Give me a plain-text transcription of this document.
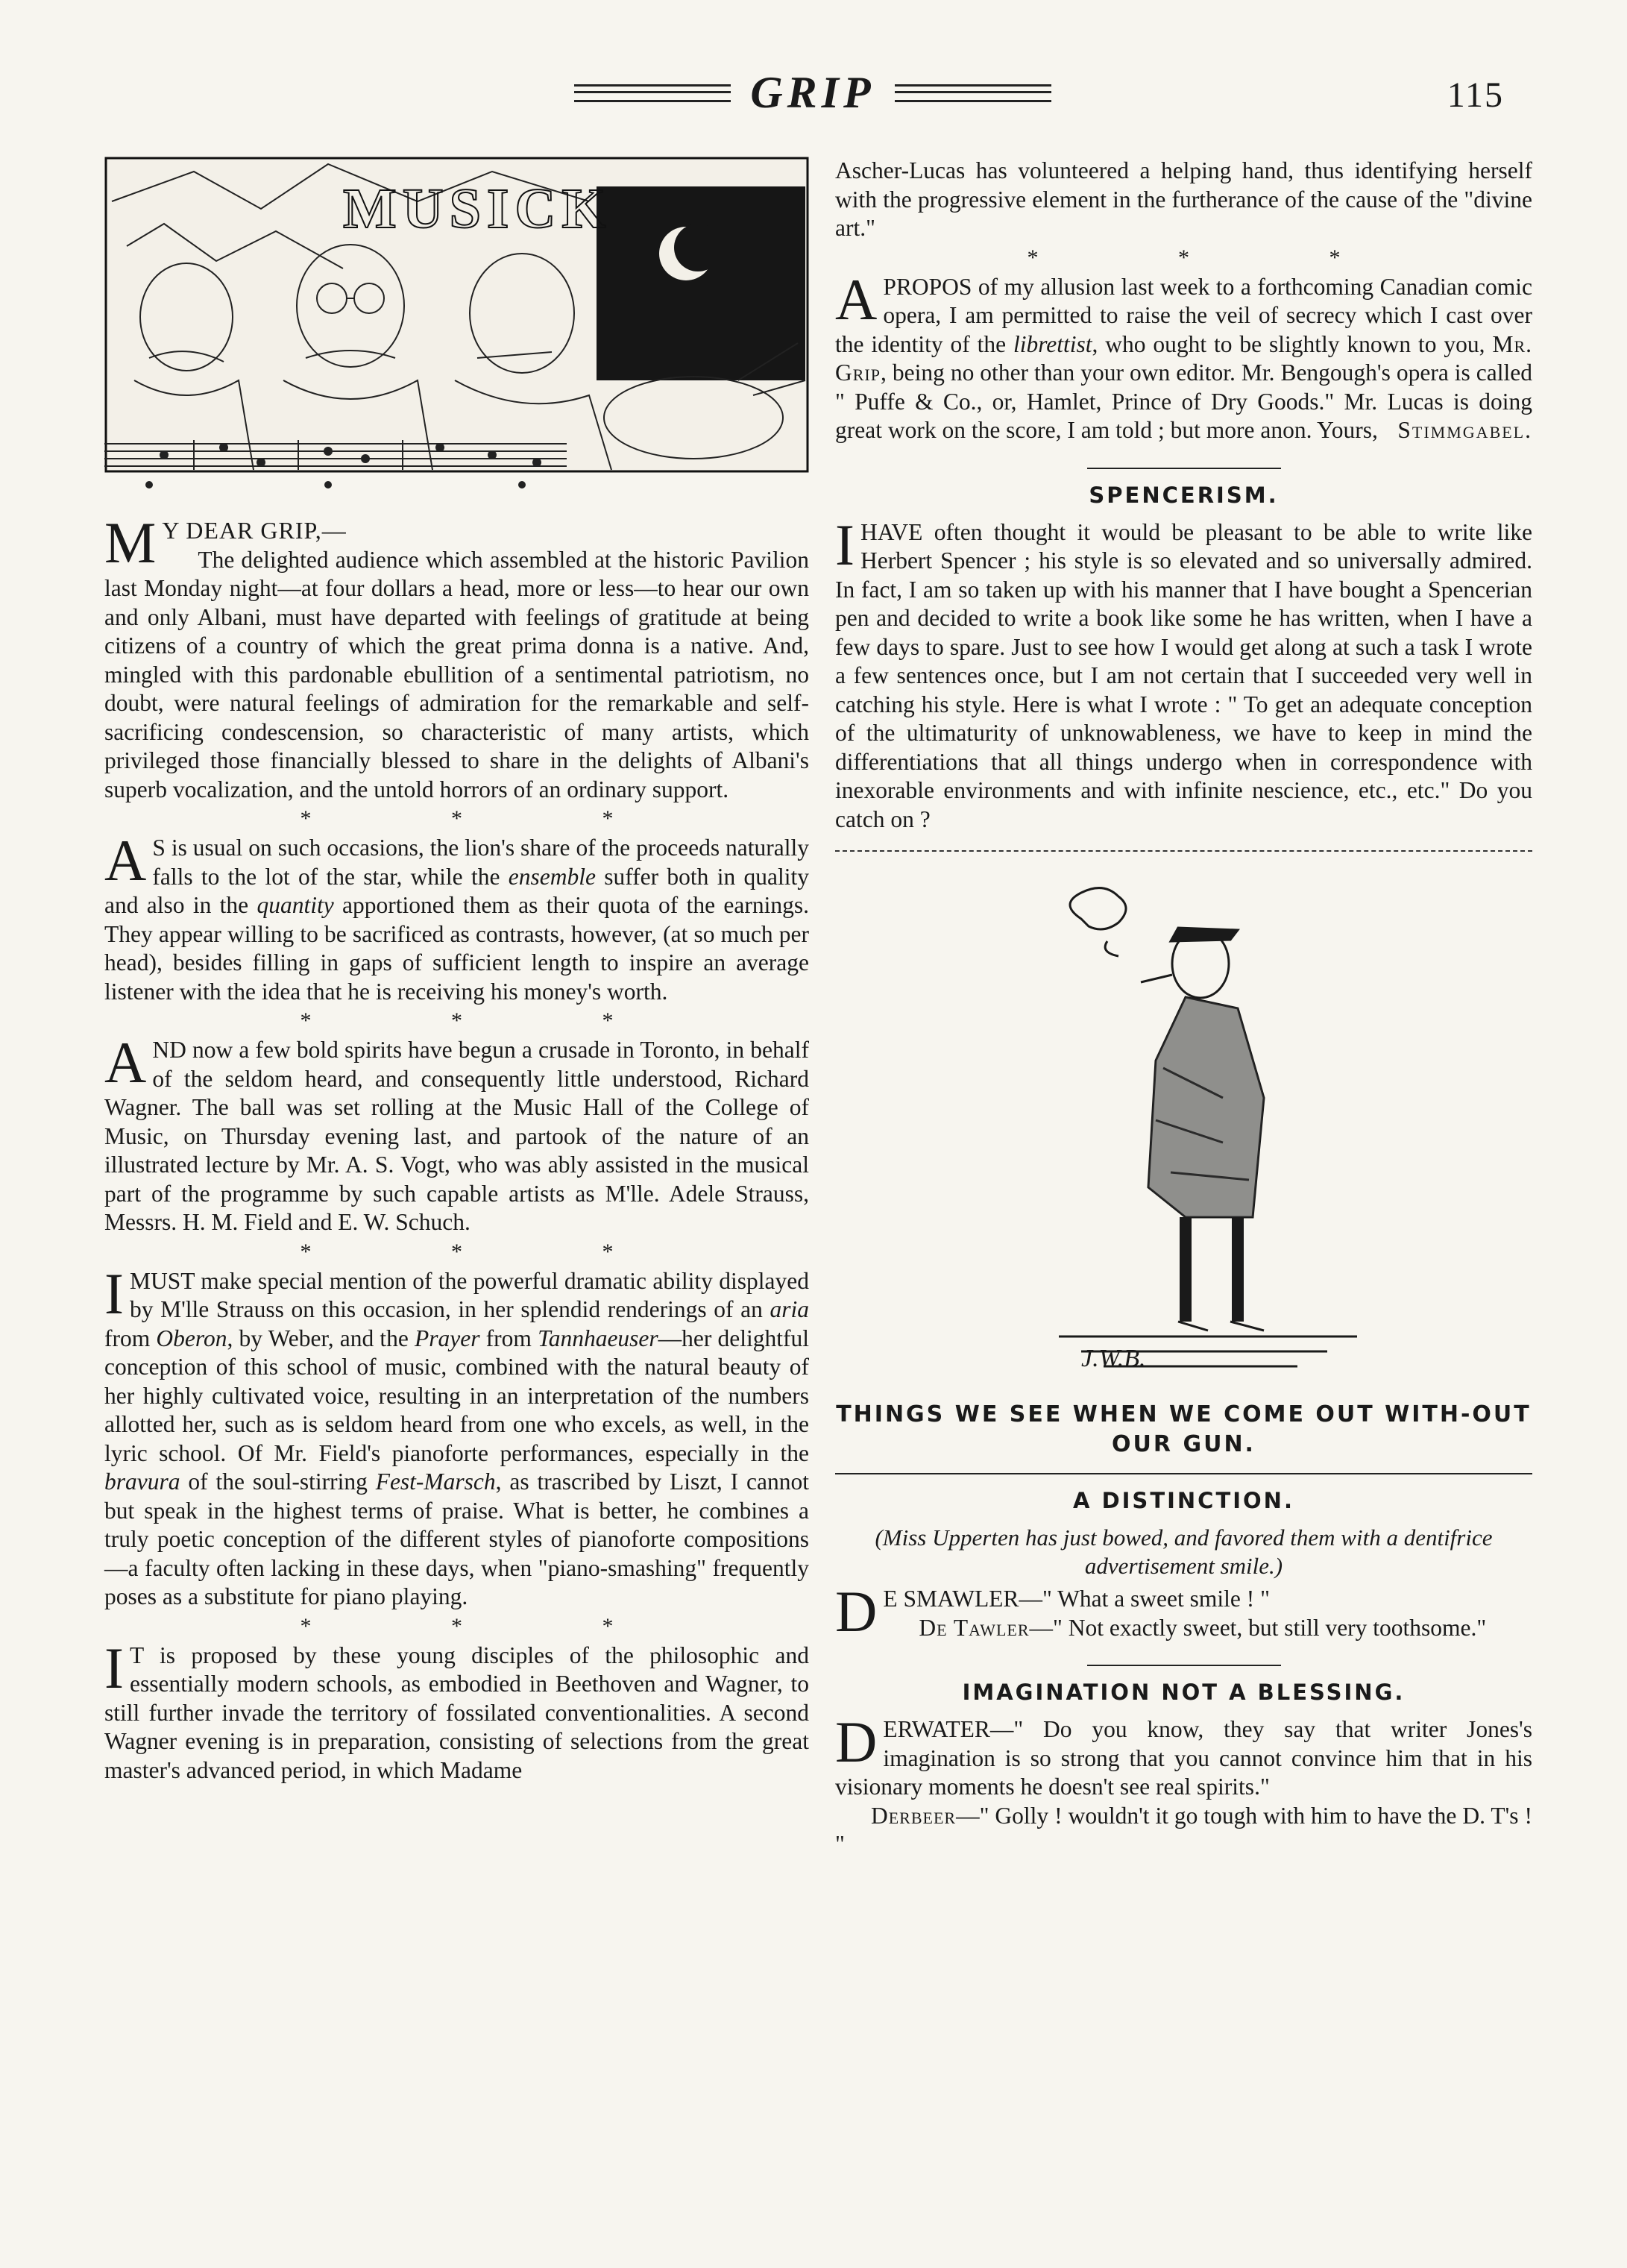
GRIP	115
MUSICK

M Y DEAR GRIP,—

The delighted audience which assembled at the historic Pavilion last Monday night—at four dollars a head, more or less—to hear our own and only Albani, must have departed with feelings of gratitude at being citizens of a country of which the great prima donna is a native. And, mingled with this pardonable ebullition of a sentimental patriotism, no doubt, were natural feelings of admiration for the remarkable and self-sacrificing condescension, so characteristic of many artists, which privileged those financially blessed to share in the delights of Albani's superb vocalization, and the untold horrors of an ordinary support.

* * *

A S is usual on such occasions, the lion's share of the proceeds naturally falls to the lot of the star, while the ensemble suffer both in quality and also in the quantity apportioned them as their quota of the earnings. They appear willing to be sacrificed as contrasts, however, (at so much per head), besides filling in gaps of sufficient length to inspire an average listener with the idea that he is receiving his money's worth.

* * *

AND now a few bold spirits have begun a crusade in Toronto, in behalf of the seldom heard, and consequently little understood, Richard Wagner. The ball was set rolling at the Music Hall of the College of Music, on Thursday evening last, and partook of the nature of an illustrated lecture by Mr. A. S. Vogt, who was ably assisted in the musical part of the programme by such capable artists as M'lle. Adele Strauss, Messrs. H. M. Field and E. W. Schuch.

* * *

I MUST make special mention of the powerful dramatic ability displayed by M'lle Strauss on this occasion, in her splendid renderings of an aria from Oberon, by Weber, and the Prayer from Tannhaeuser—her delightful conception of this school of music, combined with the natural beauty of her highly cultivated voice, resulting in an interpretation of the numbers allotted her, such as is seldom heard from one who excels, as well, in the lyric school. Of Mr. Field's pianoforte performances, especially in the bravura of the soul-stirring Fest-Marsch, as trascribed by Liszt, I cannot but speak in the highest terms of praise. What is better, he combines a truly poetic conception of the different styles of pianoforte compositions—a faculty often lacking in these days, when "piano-smashing" frequently poses as a substitute for piano playing.

* * *

I T is proposed by these young disciples of the philosophic and essentially modern schools, as embodied in Beethoven and Wagner, to still further invade the territory of fossilated conventionalities. A second Wagner evening is in preparation, consisting of selections from the great master's advanced period, in which Madame

Ascher-Lucas has volunteered a helping hand, thus identifying herself with the progressive element in the furtherance of the cause of the "divine art."

* * *

APROPOS of my allusion last week to a forthcoming Canadian comic opera, I am permitted to raise the veil of secrecy which I cast over the identity of the librettist, who ought to be slightly known to you, Mr. Grip, being no other than your own editor. Mr. Bengough's opera is called " Puffe & Co., or, Hamlet, Prince of Dry Goods." Mr. Lucas is doing great work on the score, I am told ; but more anon. Yours, Stimmgabel.

SPENCERISM.

I HAVE often thought it would be pleasant to be able to write like Herbert Spencer ; his style is so elevated and so universally admired. In fact, I am so taken up with his manner that I have bought a Spencerian pen and decided to write a book like some he has written, when I have a few days to spare. Just to see how I would get along at such a task I wrote a few sentences once, but I am not certain that I succeeded very well in catching his style. Here is what I wrote : " To get an adequate conception of the ultimaturity of unknowableness, we have to keep in mind the differentiations that all things undergo when in correspondence with inexorable environments and with infinite nescience, etc., etc." Do you catch on ?

J.W.B.
THINGS WE SEE WHEN WE COME OUT WITH-OUT OUR GUN.
A DISTINCTION.
(Miss Upperten has just bowed, and favored them with a dentifrice advertisement smile.)

D E SMAWLER—" What a sweet smile ! "

De Tawler—" Not exactly sweet, but still very toothsome."

IMAGINATION NOT A BLESSING.

DERWATER—" Do you know, they say that writer Jones's imagination is so strong that you cannot convince him that in his visionary moments he doesn't see real spirits."

Derbeer—" Golly ! wouldn't it go tough with him to have the D. T's ! "
